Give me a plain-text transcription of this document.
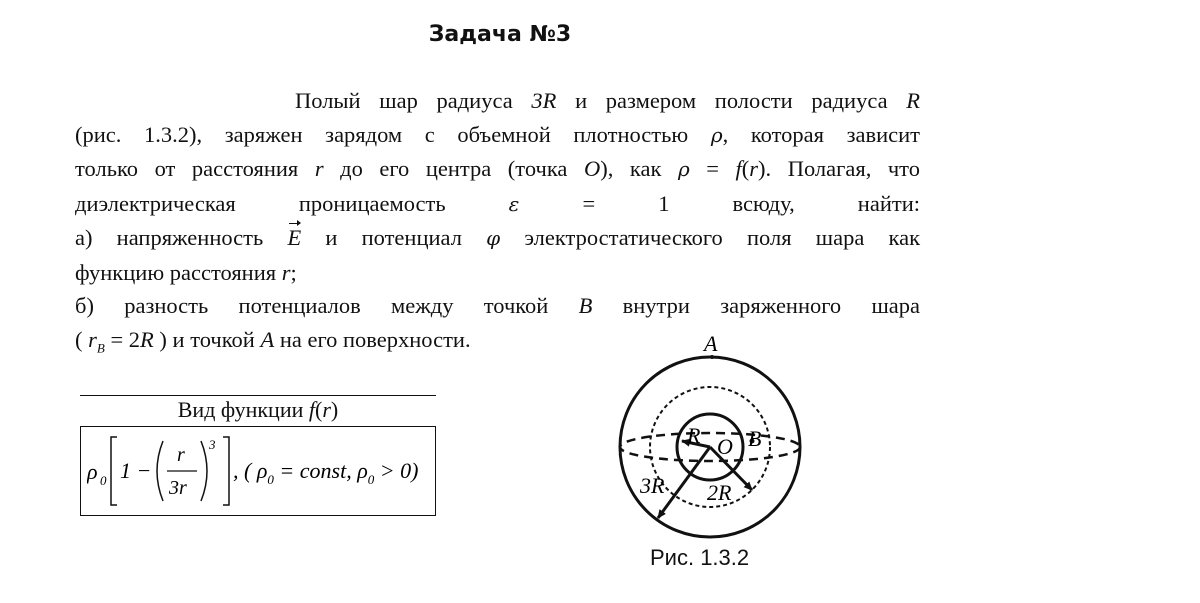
Задача №3

Полый шар радиуса 3R и размером полости радиуса R

(рис. 1.3.2), заряжен зарядом с объемной плотностью ρ, которая зависит

только от расстояния r до его центра (точка O), как ρ = f(r). Полагая, что

диэлектрическая проницаемость ε = 1 всюду, найти:

а) напряженность E и потенциал φ электростатического поля шара как

функцию расстояния r;

б) разность потенциалов между точкой B внутри заряженного шара

( $r_B = 2R$ ) и точкой A на его поверхности.

Вид функции f(r)
ρ 0 1 −
r
3r
3
, ( $\rho_0$ = const, $\rho_0 > 0$)
A
R O B
3R 2R
Рис. 1.3.2
